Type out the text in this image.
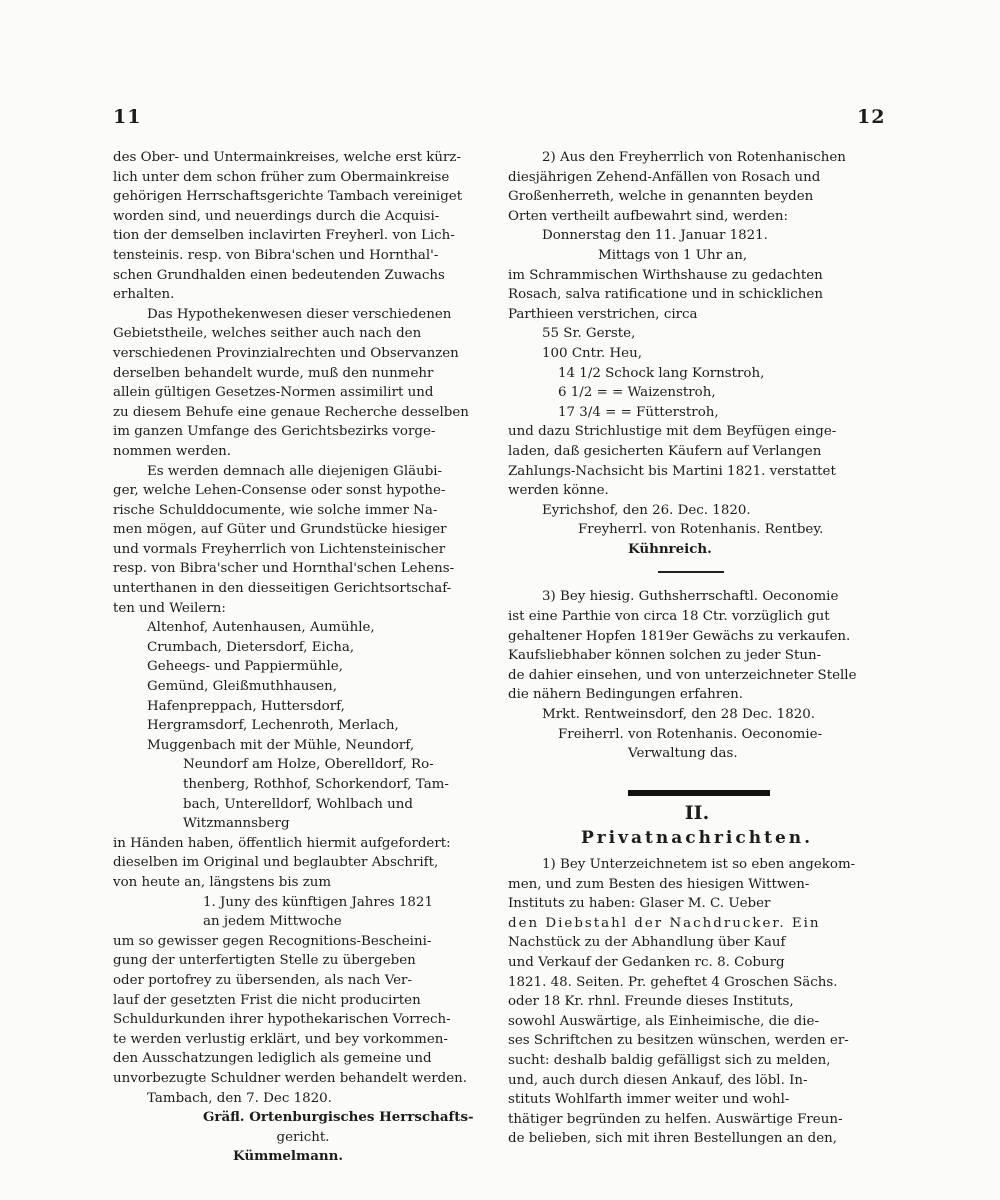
11	12
des Ober- und Untermainkreises, welche erst kürz-
lich unter dem schon früher zum Obermainkreise
gehörigen Herrschaftsgerichte Tambach vereiniget
worden sind, und neuerdings durch die Acquisi-
tion der demselben inclavirten Freyherl. von Lich-
tensteinis. resp. von Bibra'schen und Hornthal'-
schen Grundhalden einen bedeutenden Zuwachs
erhalten.
Das Hypothekenwesen dieser verschiedenen
Gebietstheile, welches seither auch nach den
verschiedenen Provinzialrechten und Observanzen
derselben behandelt wurde, muß den nunmehr
allein gültigen Gesetzes-Normen assimilirt und
zu diesem Behufe eine genaue Recherche desselben
im ganzen Umfange des Gerichtsbezirks vorge-
nommen werden.
Es werden demnach alle diejenigen Gläubi-
ger, welche Lehen-Consense oder sonst hypothe-
rische Schulddocumente, wie solche immer Na-
men mögen, auf Güter und Grundstücke hiesiger
und vormals Freyherrlich von Lichtensteinischer
resp. von Bibra'scher und Hornthal'schen Lehens-
unterthanen in den diesseitigen Gerichtsortschaf-
ten und Weilern:
Altenhof, Autenhausen, Aumühle,
Crumbach, Dietersdorf, Eicha,
Geheegs- und Pappiermühle,
Gemünd, Gleißmuthhausen,
Hafenpreppach, Huttersdorf,
Hergramsdorf, Lechenroth, Merlach,
Muggenbach mit der Mühle, Neundorf,
Neundorf am Holze, Oberelldorf, Ro-
thenberg, Rothhof, Schorkendorf, Tam-
bach, Unterelldorf, Wohlbach und
Witzmannsberg
in Händen haben, öffentlich hiermit aufgefordert:
dieselben im Original und beglaubter Abschrift,
von heute an, längstens bis zum
1. Juny des künftigen Jahres 1821
an jedem Mittwoche
um so gewisser gegen Recognitions-Bescheini-
gung der unterfertigten Stelle zu übergeben
oder portofrey zu übersenden, als nach Ver-
lauf der gesetzten Frist die nicht producirten
Schuldurkunden ihrer hypothekarischen Vorrech-
te werden verlustig erklärt, und bey vorkommen-
den Ausschatzungen lediglich als gemeine und
unvorbezugte Schuldner werden behandelt werden.
Tambach, den 7. Dec 1820.
Gräfl. Ortenburgisches Herrschafts-
gericht.
Kümmelmann.
2) Aus den Freyherrlich von Rotenhanischen
diesjährigen Zehend-Anfällen von Rosach und
Großenherreth, welche in genannten beyden
Orten vertheilt aufbewahrt sind, werden:
Donnerstag den 11. Januar 1821.
Mittags von 1 Uhr an,
im Schrammischen Wirthshause zu gedachten
Rosach, salva ratificatione und in schicklichen
Parthieen verstrichen, circa
55 Sr. Gerste,
100 Cntr. Heu,
14 1/2 Schock lang Kornstroh,
6 1/2 = = Waizenstroh,
17 3/4 = = Fütterstroh,
und dazu Strichlustige mit dem Beyfügen einge-
laden, daß gesicherten Käufern auf Verlangen
Zahlungs-Nachsicht bis Martini 1821. verstattet
werden könne.
Eyrichshof, den 26. Dec. 1820.
Freyherrl. von Rotenhanis. Rentbey.
Kühnreich.
3) Bey hiesig. Guthsherrschaftl. Oeconomie
ist eine Parthie von circa 18 Ctr. vorzüglich gut
gehaltener Hopfen 1819er Gewächs zu verkaufen.
Kaufsliebhaber können solchen zu jeder Stun-
de dahier einsehen, und von unterzeichneter Stelle
die nähern Bedingungen erfahren.
Mrkt. Rentweinsdorf, den 28 Dec. 1820.
Freiherrl. von Rotenhanis. Oeconomie-
Verwaltung das.
II.
Privatnachrichten.
1) Bey Unterzeichnetem ist so eben angekom-
men, und zum Besten des hiesigen Wittwen-
Instituts zu haben: Glaser M. C. Ueber
den Diebstahl der Nachdrucker. Ein
Nachstück zu der Abhandlung über Kauf
und Verkauf der Gedanken rc. 8. Coburg
1821. 48. Seiten. Pr. geheftet 4 Groschen Sächs.
oder 18 Kr. rhnl. Freunde dieses Instituts,
sowohl Auswärtige, als Einheimische, die die-
ses Schriftchen zu besitzen wünschen, werden er-
sucht: deshalb baldig gefälligst sich zu melden,
und, auch durch diesen Ankauf, des löbl. In-
stituts Wohlfarth immer weiter und wohl-
thätiger begründen zu helfen. Auswärtige Freun-
de belieben, sich mit ihren Bestellungen an den,
